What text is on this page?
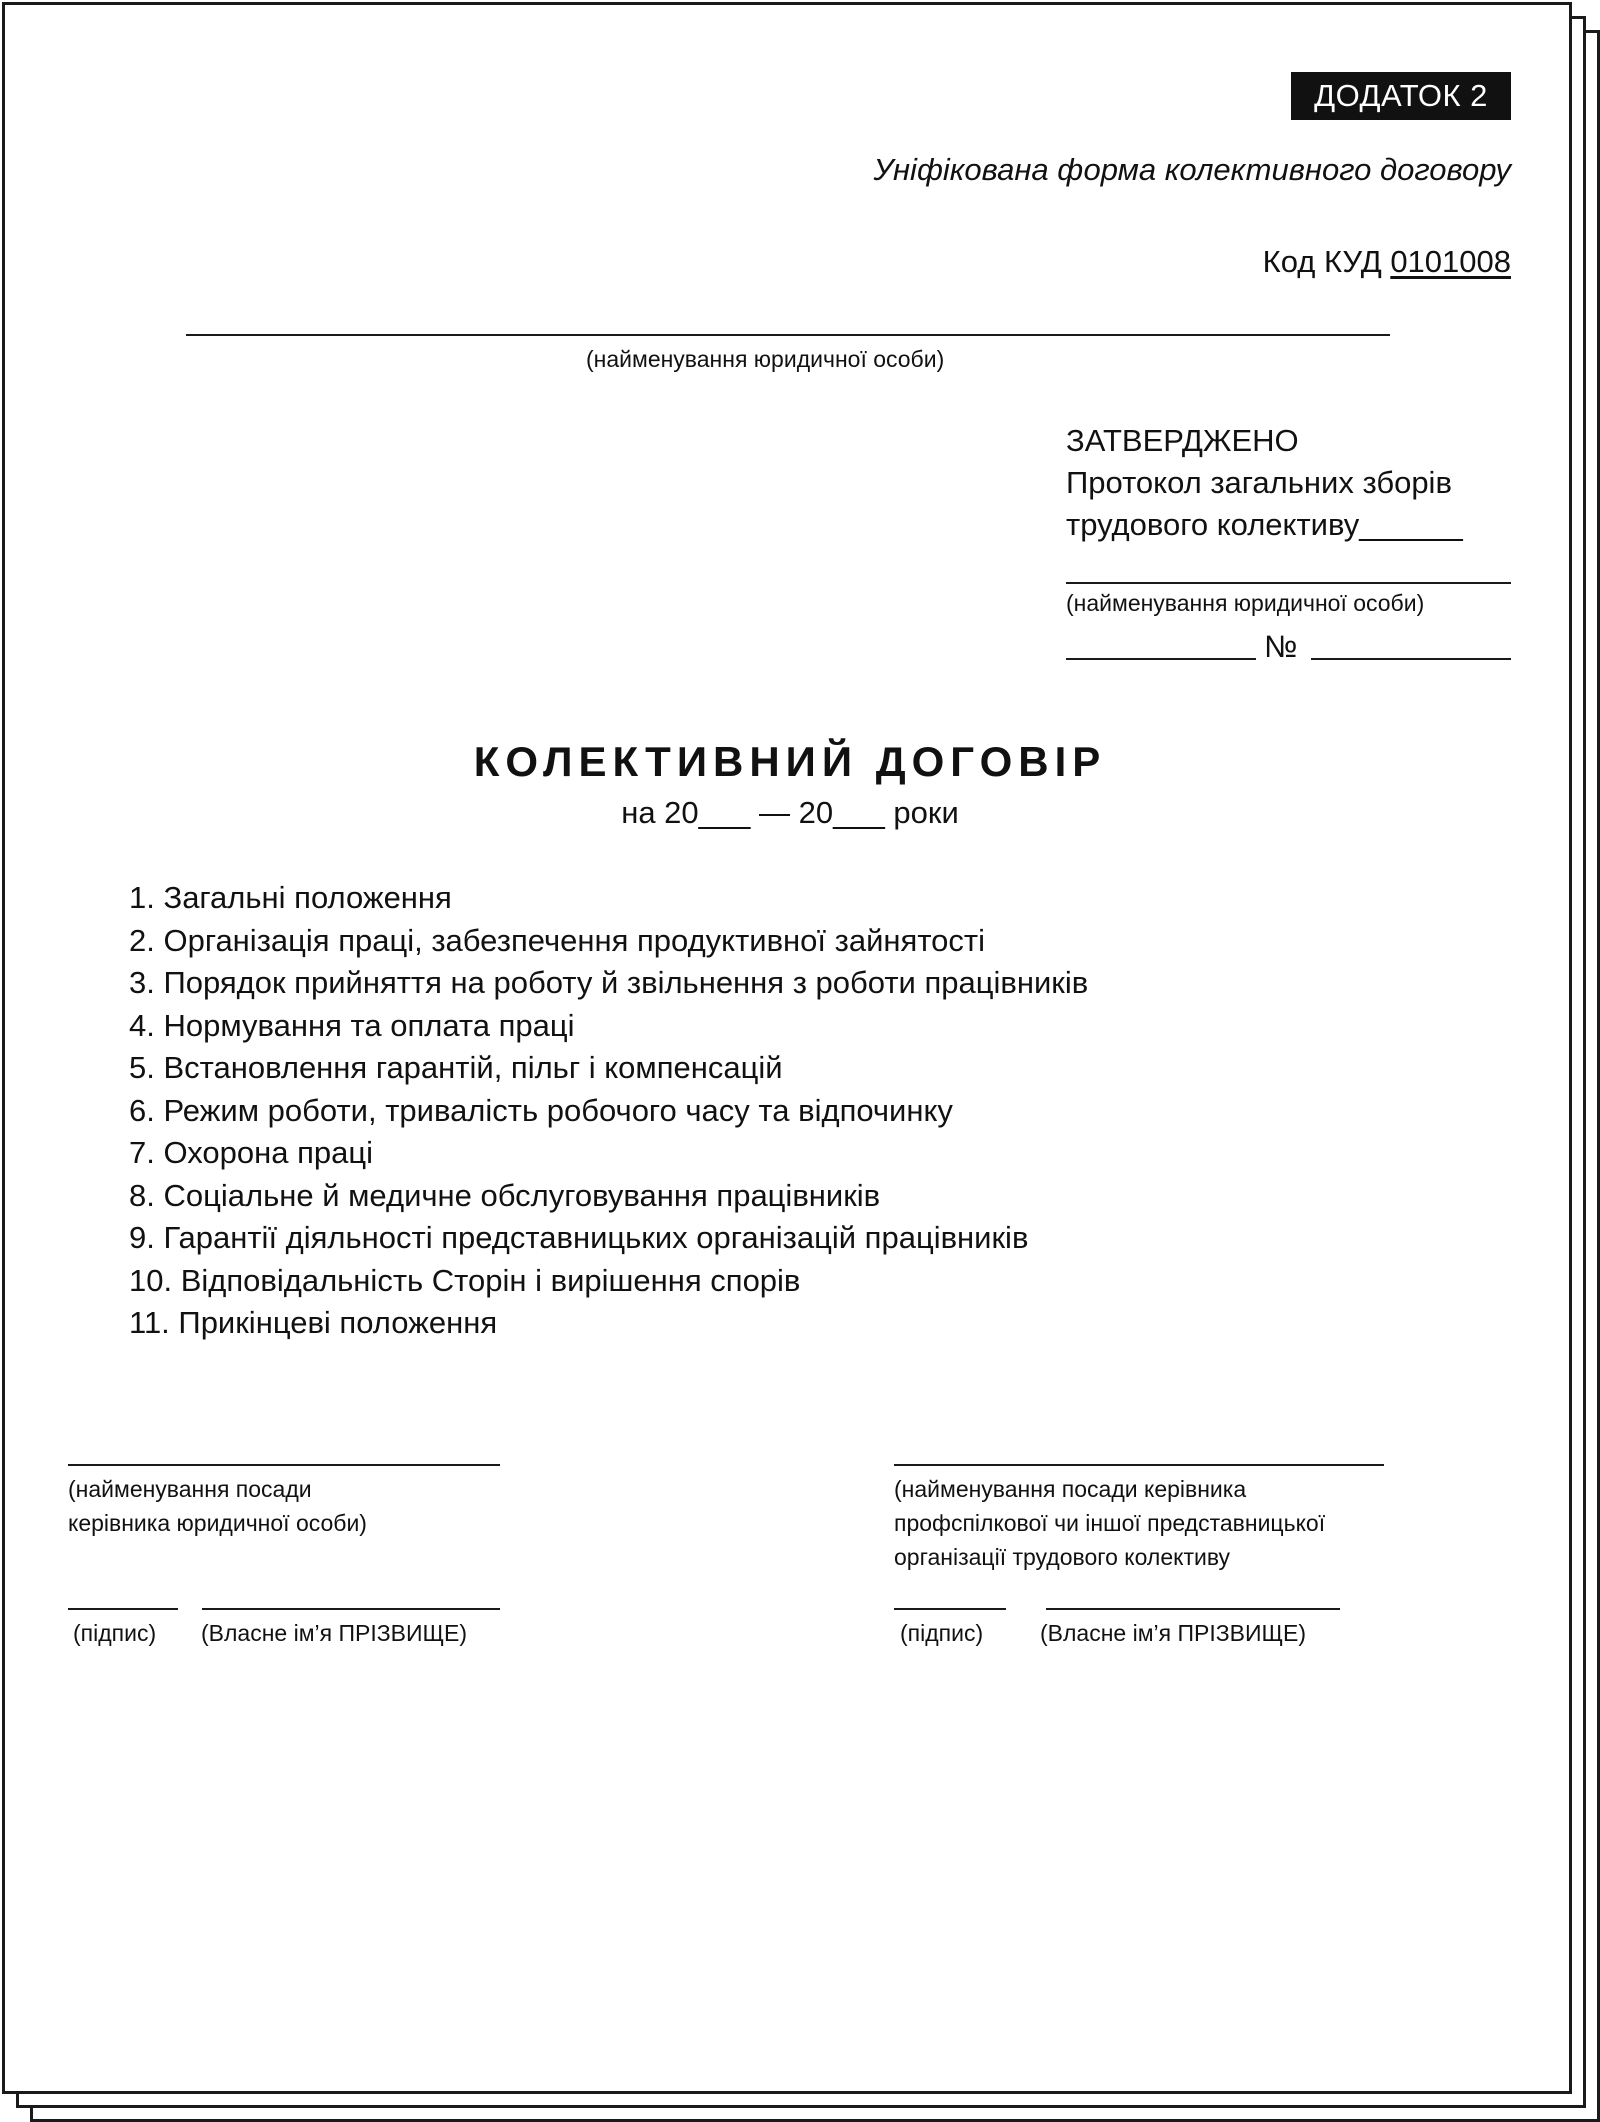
ДОДАТОК 2
Уніфікована форма колективного договору
Код КУД 0101008
(найменування юридичної особи)
ЗАТВЕРДЖЕНО
Протокол загальних зборів
трудового колективу______
(найменування юридичної особи)
№
КОЛЕКТИВНИЙ ДОГОВІР
на 20___ — 20___ роки
1. Загальні положення
2. Організація праці, забезпечення продуктивної зайнятості
3. Порядок прийняття на роботу й звільнення з роботи працівників
4. Нормування та оплата праці
5. Встановлення гарантій, пільг і компенсацій
6. Режим роботи, тривалість робочого часу та відпочинку
7. Охорона праці
8. Соціальне й медичне обслуговування працівників
9. Гарантії діяльності представницьких організацій працівників
10. Відповідальність Сторін і вирішення спорів
11. Прикінцеві положення
(найменування посади
керівника юридичної особи)
(підпис) (Власне ім’я ПРІЗВИЩЕ)
(найменування посади керівника
профспілкової чи іншої представницької
організації трудового колективу
(підпис) (Власне ім’я ПРІЗВИЩЕ)
